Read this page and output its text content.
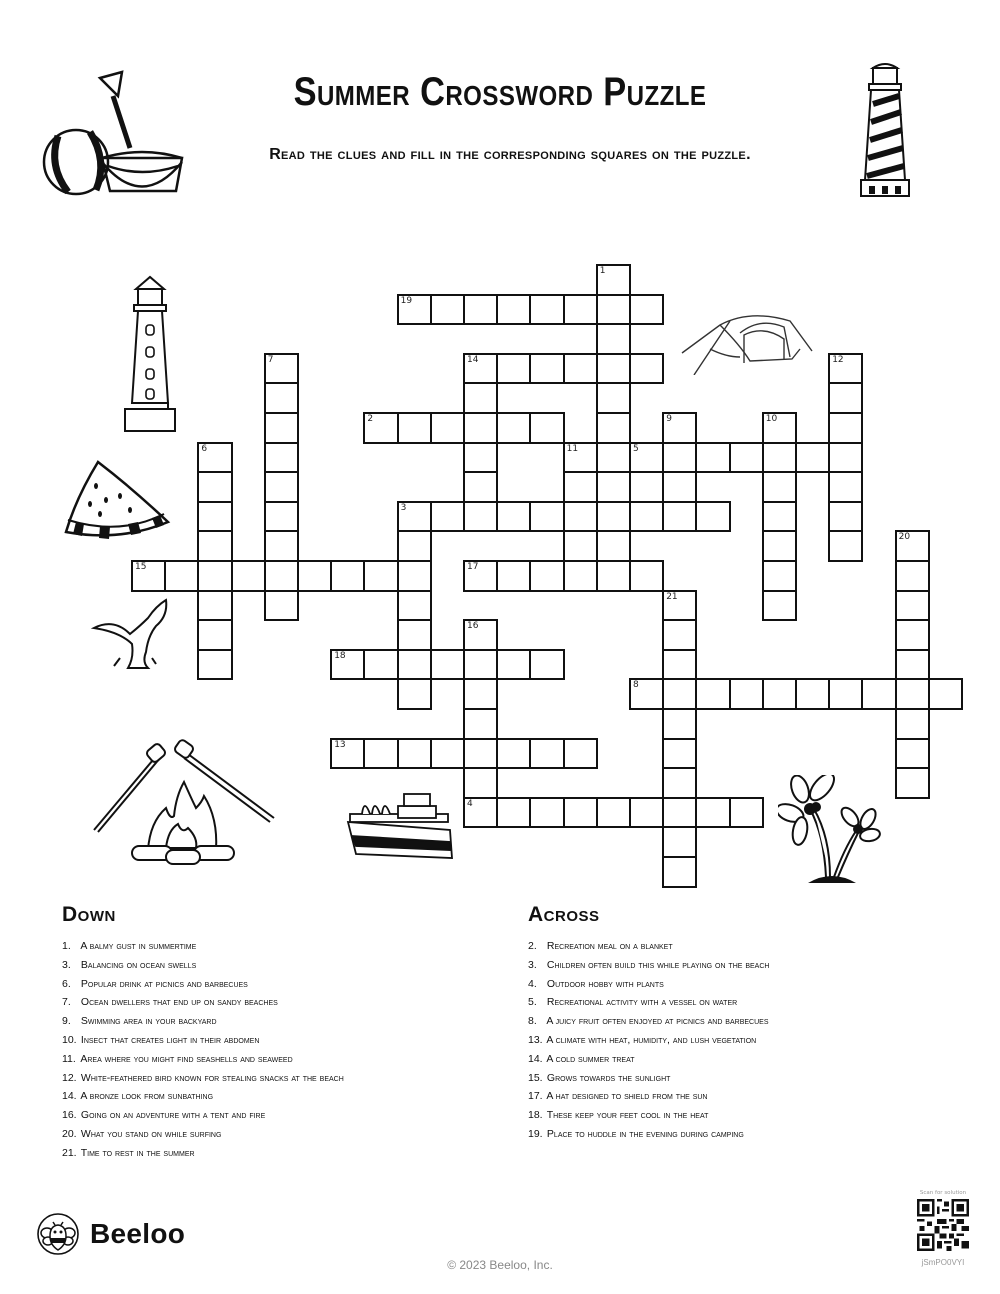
Summer Crossword Puzzle
Read the clues and fill in the corresponding squares on the puzzle.
1
19
14
7	12
2	9	10
6	11	5
3
20
15	17
21
16
4
18
8
13
Down
1. A balmy gust in summertime
3. Balancing on ocean swells
6. Popular drink at picnics and barbecues
7. Ocean dwellers that end up on sandy beaches
9. Swimming area in your backyard
10. Insect that creates light in their abdomen
11. Area where you might find seashells and seaweed
12. White-feathered bird known for stealing snacks at the beach
14. A bronze look from sunbathing
16. Going on an adventure with a tent and fire
20. What you stand on while surfing
21. Time to rest in the summer
Across
2. Recreation meal on a blanket
3. Children often build this while playing on the beach
4. Outdoor hobby with plants
5. Recreational activity with a vessel on water
8. A juicy fruit often enjoyed at picnics and barbecues
13. A climate with heat, humidity, and lush vegetation
14. A cold summer treat
15. Grows towards the sunlight
17. A hat designed to shield from the sun
18. These keep your feet cool in the heat
19. Place to huddle in the evening during camping
Beeloo
© 2023 Beeloo, Inc.
Scan for solution
jSmPO0VYI
